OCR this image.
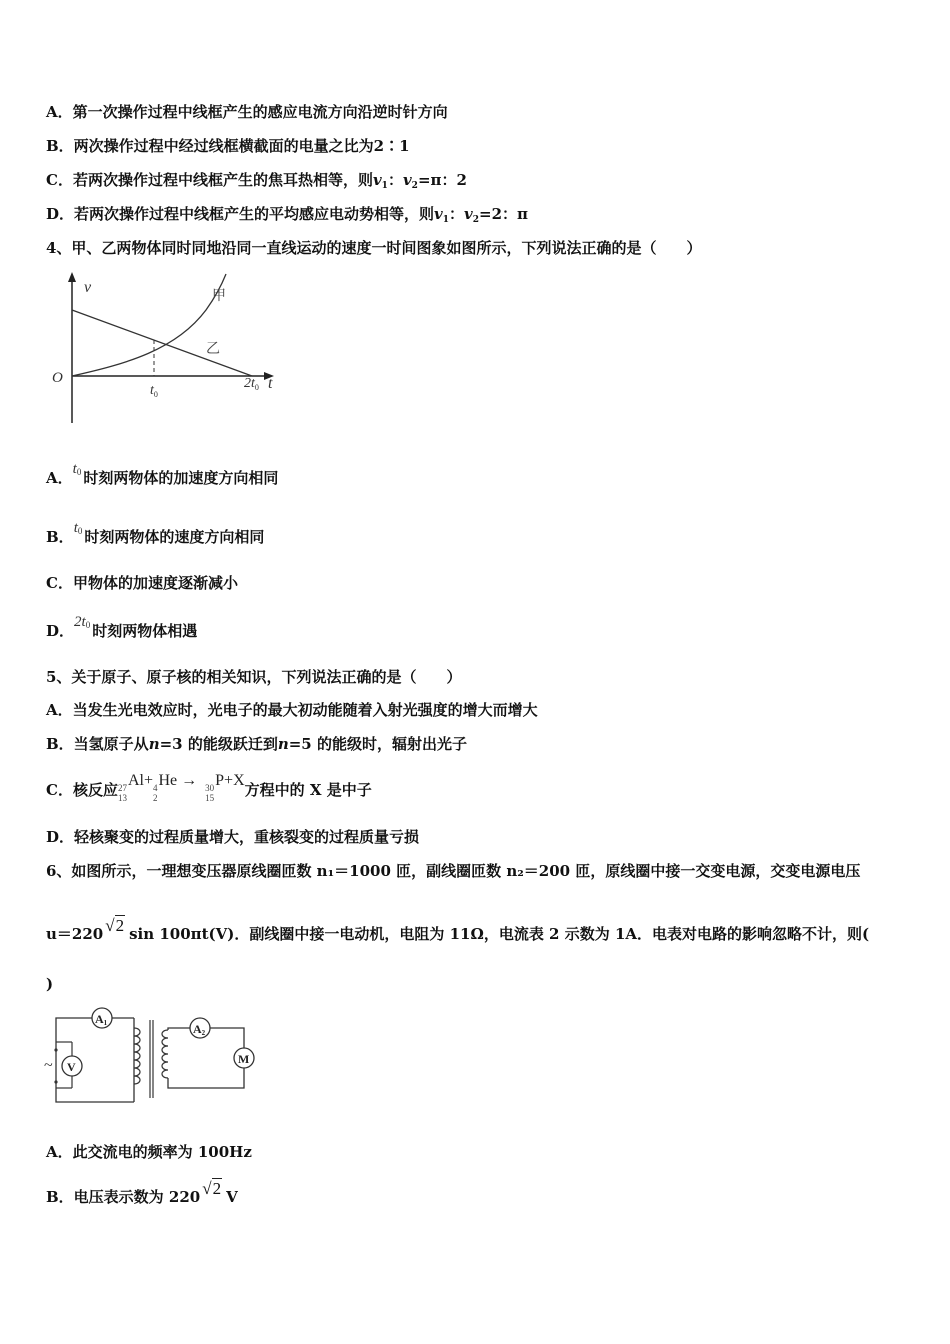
A．第一次操作过程中线框产生的感应电流方向沿逆时针方向
B．两次操作过程中经过线框横截面的电量之比为2∶1
C．若两次操作过程中线框产生的焦耳热相等，则$v_1$：$v_2=\pi$：2
D．若两次操作过程中线框产生的平均感应电动势相等，则$v_1$：$v_2=2$：π
4、甲、乙两物体同时同地沿同一直线运动的速度一时间图象如图所示，下列说法正确的是（　　）
v
O	t
甲
乙
$t_0$
$2t_0$
A．t0 时刻两物体的加速度方向相同
B．t0 时刻两物体的速度方向相同
C．甲物体的加速度逐渐减小
D．2t0 时刻两物体相遇
5、关于原子、原子核的相关知识，下列说法正确的是（　　）
A．当发生光电效应时，光电子的最大初动能随着入射光强度的增大而增大
B．当氢原子从n=3 的能级跃迁到n=5 的能级时，辐射出光子
C．核反应 27
13
Al+ 4
2
He → 30
15
P+X方程中的 X 是中子
D．轻核聚变的过程质量增大，重核裂变的过程质量亏损
6、如图所示，一理想变压器原线圈匝数 n₁＝1000 匝，副线圈匝数 n₂＝200 匝，原线圈中接一交变电源，交变电源电压
u＝220 √2 sin 100πt(V)．副线圈中接一电动机，电阻为 11Ω，电流表 2 示数为 1A．电表对电路的影响忽略不计，则(
)
A1
V
~
A2
M
A．此交流电的频率为 100Hz
B．电压表示数为 220 √2 V
